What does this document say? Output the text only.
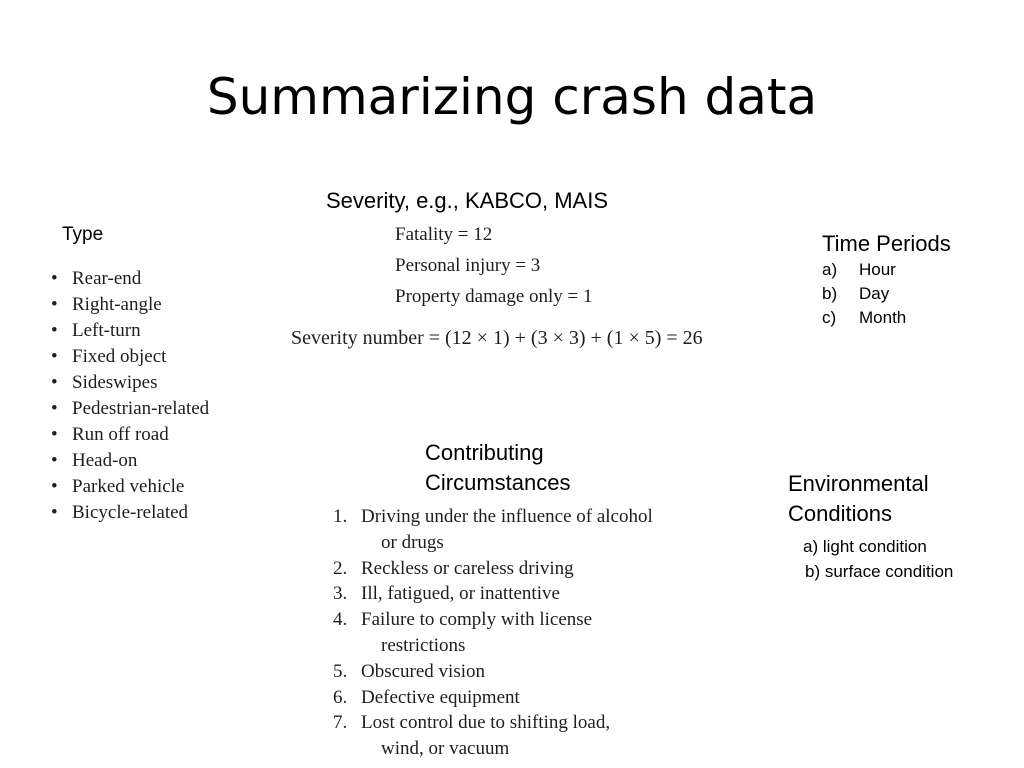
Summarizing crash data
Severity, e.g., KABCO, MAIS
Fatality = 12
Personal injury = 3
Property damage only = 1
Severity number = (12 × 1) + (3 × 3) + (1 × 5) = 26
Type
• Rear-end
• Right-angle
• Left-turn
• Fixed object
• Sideswipes
• Pedestrian-related
• Run off road
• Head-on
• Parked vehicle
• Bicycle-related
Time Periods
a) Hour
b) Day
c) Month
Contributing
Circumstances
1. Driving under the influence of alcohol
or drugs
2. Reckless or careless driving
3. Ill, fatigued, or inattentive
4. Failure to comply with license
restrictions
5. Obscured vision
6. Defective equipment
7. Lost control due to shifting load,
wind, or vacuum
Environmental
Conditions
a) light condition
b) surface condition
